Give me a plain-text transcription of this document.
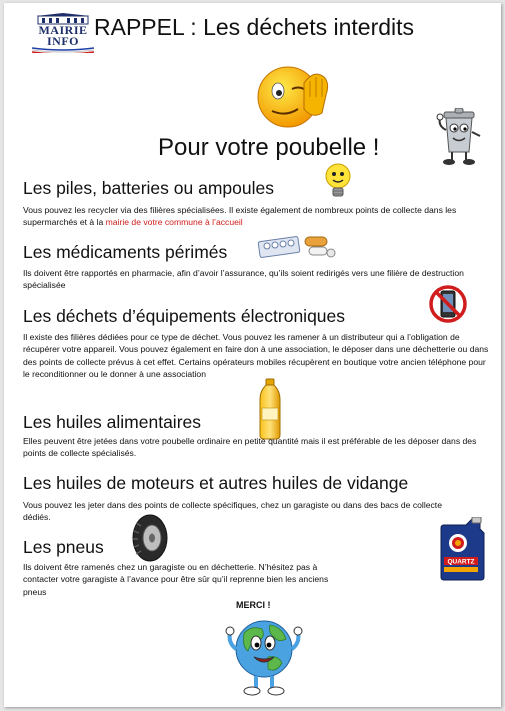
MAIRIE
INFO
RAPPEL : Les déchets interdits
Pour votre poubelle !
Les piles, batteries ou ampoules
Vous pouvez les recycler via des filières spécialisées. Il existe également de nombreux points de collecte dans les supermarchés et à la mairie de votre commune à l’accueil
Les médicaments périmés
Ils doivent être rapportés en pharmacie, afin d’avoir l’assurance, qu’ils soient redirigés vers une filière de destruction spécialisée
Les déchets d’équipements électroniques
Il existe des filières dédiées pour ce type de déchet. Vous pouvez les ramener à un distributeur qui a l’obligation de récupérer votre appareil. Vous pouvez également en faire don à une association, le déposer dans une déchetterie ou dans des points de collecte prévus à cet effet. Certains opérateurs mobiles récupèrent en boutique votre ancien téléphone pour le reconditionner ou le donner à une association
Les huiles alimentaires
Elles peuvent être jetées dans votre poubelle ordinaire en petite quantité mais il est préférable de les déposer dans des points de collecte spécialisés.
Les huiles de moteurs et autres huiles de vidange
Vous pouvez les jeter dans des points de collecte spécifiques, chez un garagiste ou dans des bacs de collecte dédiés.
QUARTZ
Les pneus
Ils doivent être ramenés chez un garagiste ou en déchetterie. N’hésitez pas à contacter votre garagiste à l’avance pour être sûr qu’il reprenne bien les anciens pneus
MERCI !
